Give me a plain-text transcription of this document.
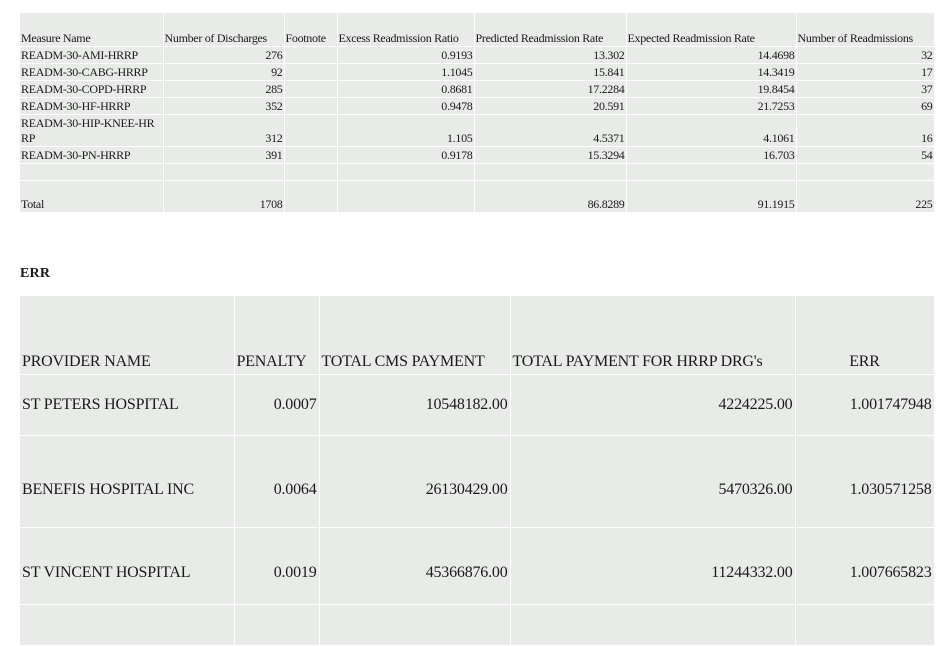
Measure Name	Number of Discharges	Footnote	Excess Readmission Ratio	Predicted Readmission Rate	Expected Readmission Rate	Number of Readmissions
READM-30-AMI-HRRP	276		0.9193	13.302	14.4698	32
READM-30-CABG-HRRP	92		1.1045	15.841	14.3419	17
READM-30-COPD-HRRP	285		0.8681	17.2284	19.8454	37
READM-30-HF-HRRP	352		0.9478	20.591	21.7253	69
READM-30-HIP-KNEE-HRRP	312		1.105	4.5371	4.1061	16
READM-30-PN-HRRP	391		0.9178	15.3294	16.703	54

Total	1708			86.8289	91.1915	225
ERR
PROVIDER NAME	PENALTY	TOTAL CMS PAYMENT	TOTAL PAYMENT FOR HRRP DRG's	ERR
ST PETERS HOSPITAL	0.0007	10548182.00	4224225.00	1.001747948
BENEFIS HOSPITAL INC	0.0064	26130429.00	5470326.00	1.030571258
ST VINCENT HOSPITAL	0.0019	45366876.00	11244332.00	1.007665823
